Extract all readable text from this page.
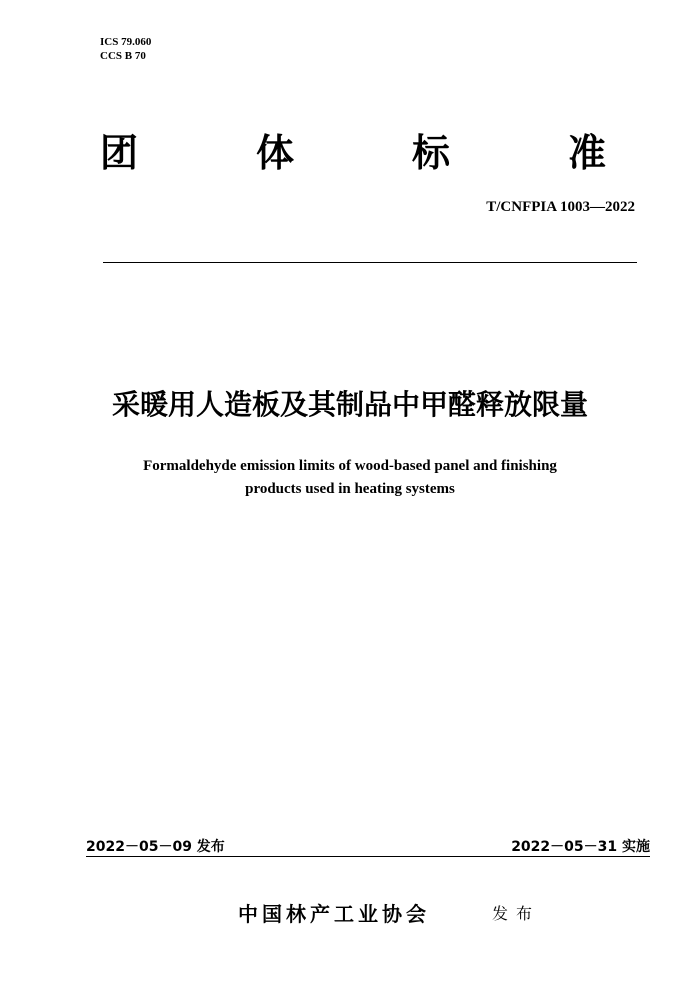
ICS 79.060
CCS B 70
团	体	标	准
T/CNFPIA 1003—2022
采暖用人造板及其制品中甲醛释放限量
Formaldehyde emission limits of wood-based panel and finishing
products used in heating systems
2022－05－09 发布	2022－05－31 实施
中国林产工业协会	发布
